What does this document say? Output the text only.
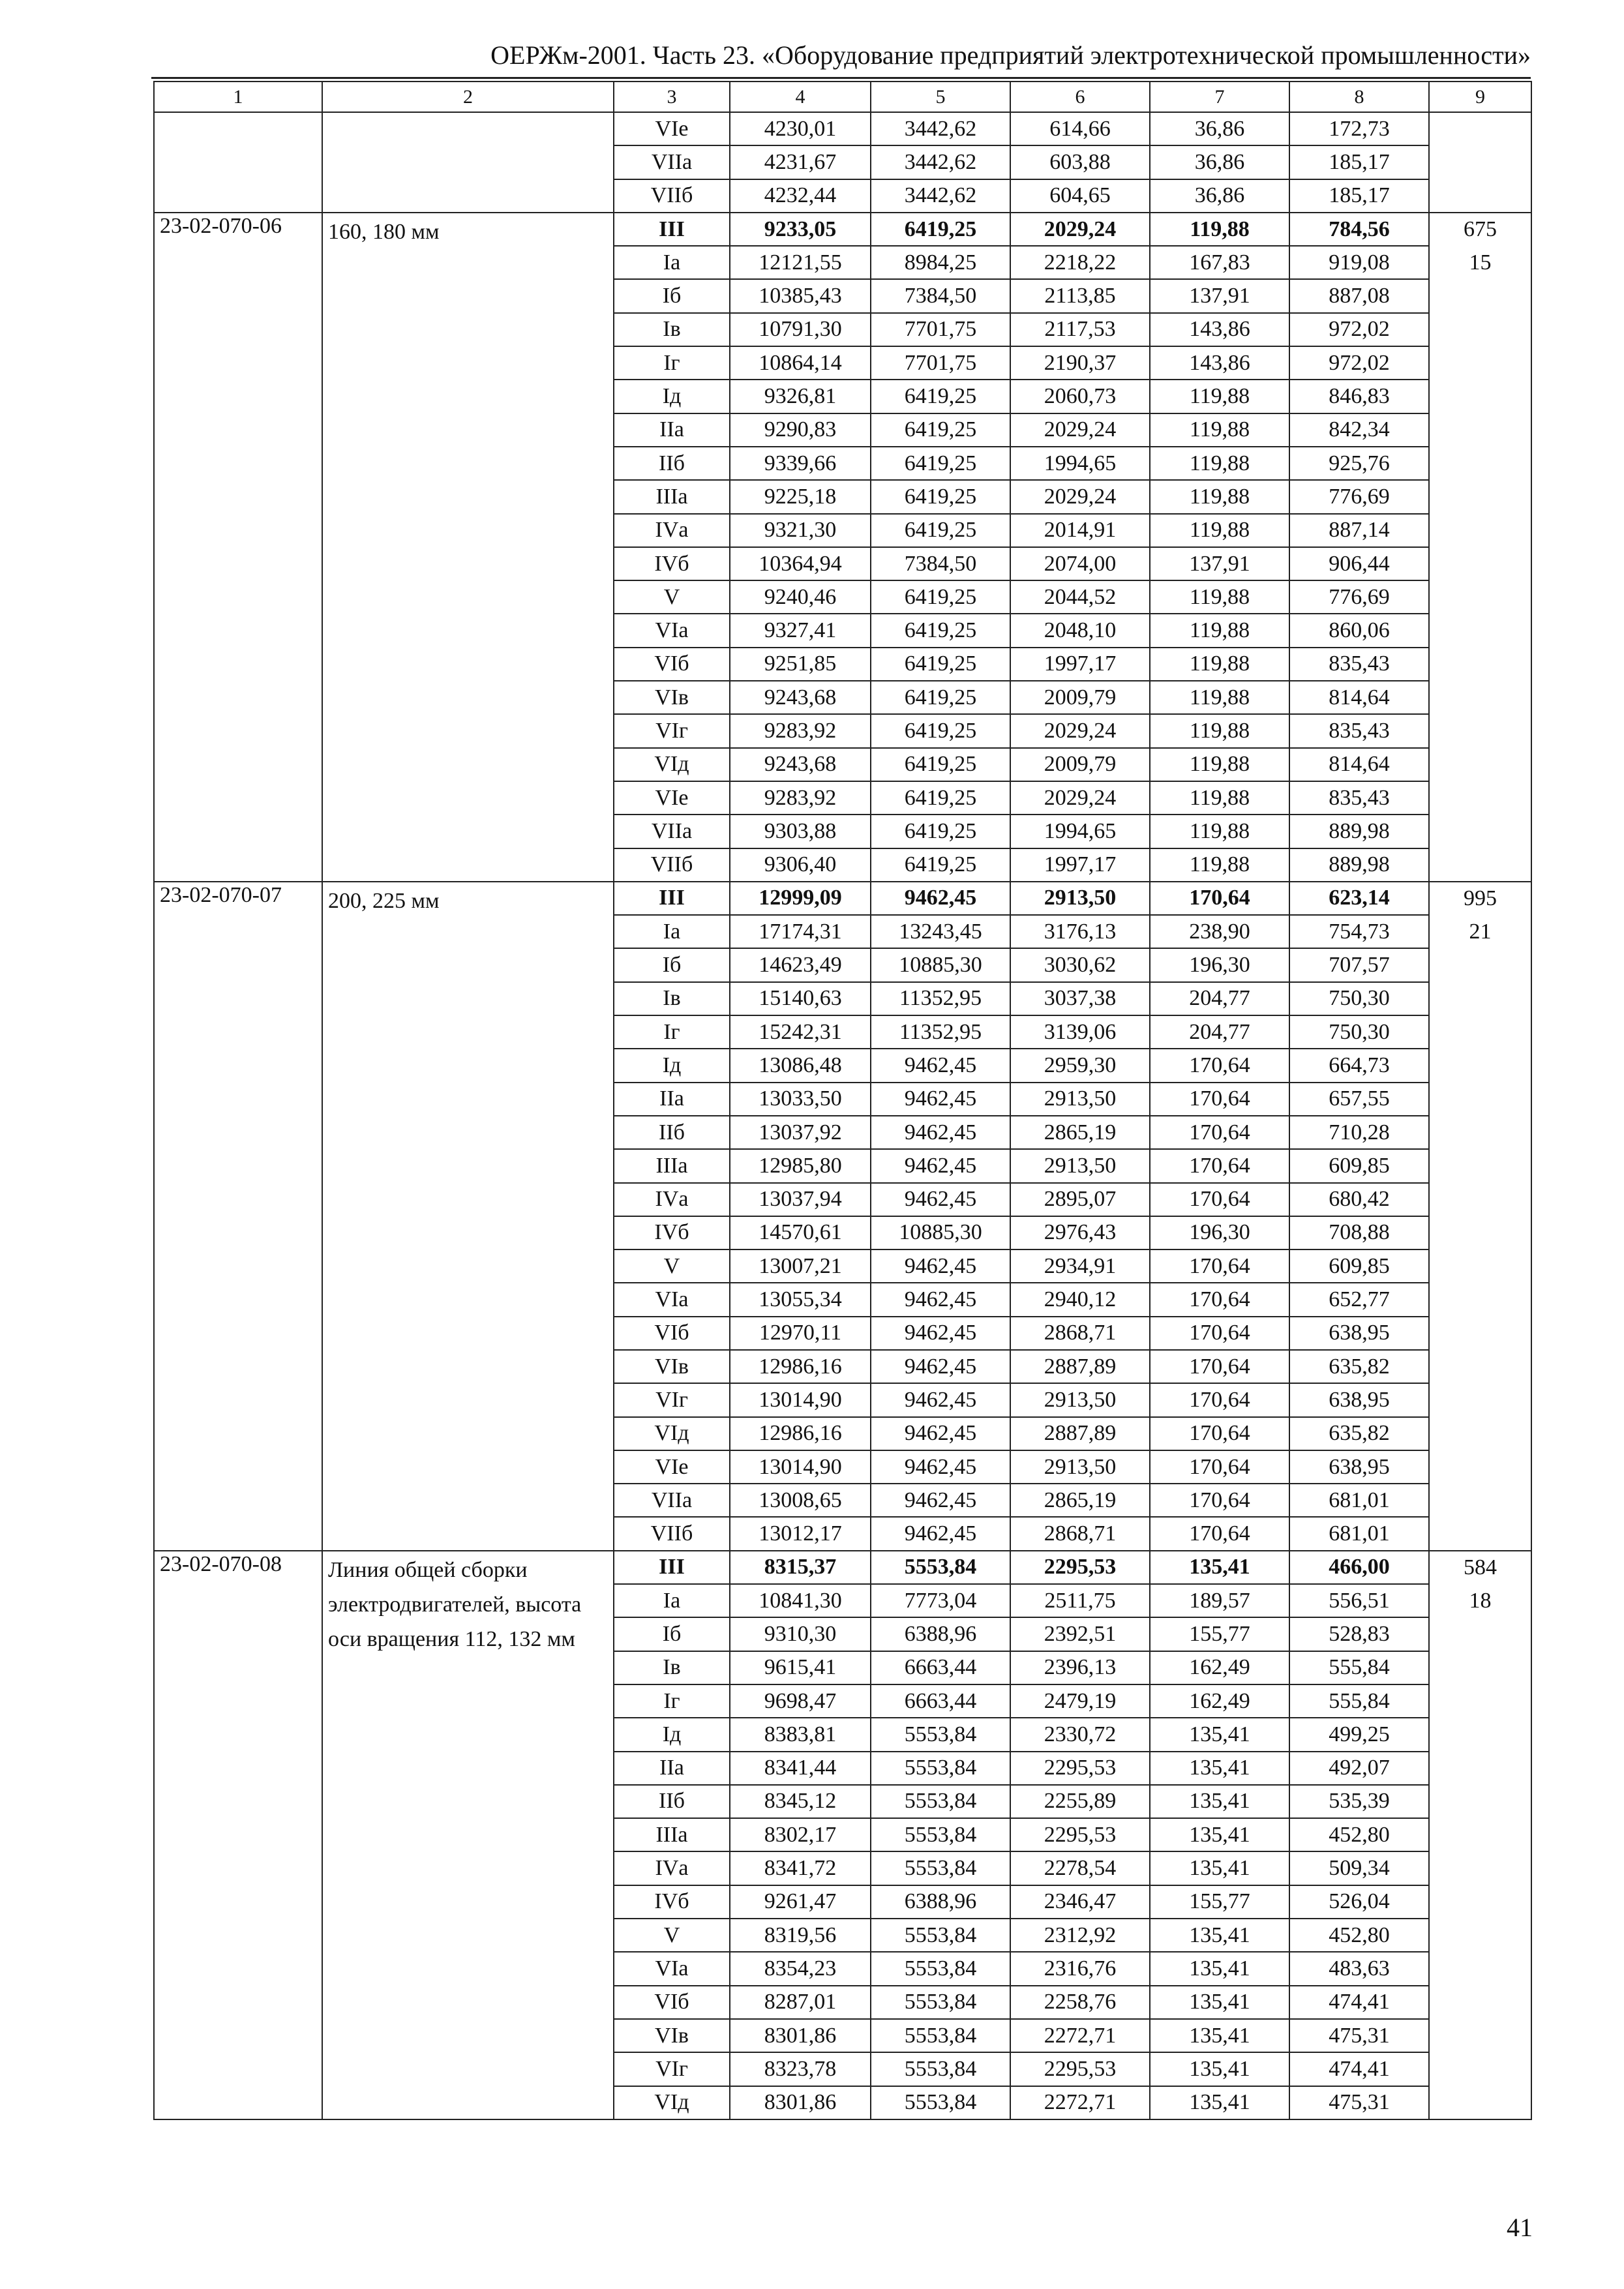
ОЕРЖм-2001. Часть 23. «Оборудование предприятий электротехнической промышленности»
1	2	3	4	5	6	7	8	9
		VIе	4230,01	3442,62	614,66	36,86	172,73	
		VIIа	4231,67	3442,62	603,88	36,86	185,17	
		VIIб	4232,44	3442,62	604,65	36,86	185,17	
23-02-070-06	160, 180 мм	III	9233,05	6419,25	2029,24	119,88	784,56	675
		Iа	12121,55	8984,25	2218,22	167,83	919,08	15
		Iб	10385,43	7384,50	2113,85	137,91	887,08	
		Iв	10791,30	7701,75	2117,53	143,86	972,02	
		Iг	10864,14	7701,75	2190,37	143,86	972,02	
		Iд	9326,81	6419,25	2060,73	119,88	846,83	
		IIа	9290,83	6419,25	2029,24	119,88	842,34	
		IIб	9339,66	6419,25	1994,65	119,88	925,76	
		IIIа	9225,18	6419,25	2029,24	119,88	776,69	
		IVа	9321,30	6419,25	2014,91	119,88	887,14	
		IVб	10364,94	7384,50	2074,00	137,91	906,44	
		V	9240,46	6419,25	2044,52	119,88	776,69	
		VIа	9327,41	6419,25	2048,10	119,88	860,06	
		VIб	9251,85	6419,25	1997,17	119,88	835,43	
		VIв	9243,68	6419,25	2009,79	119,88	814,64	
		VIг	9283,92	6419,25	2029,24	119,88	835,43	
		VIд	9243,68	6419,25	2009,79	119,88	814,64	
		VIе	9283,92	6419,25	2029,24	119,88	835,43	
		VIIа	9303,88	6419,25	1994,65	119,88	889,98	
		VIIб	9306,40	6419,25	1997,17	119,88	889,98	
23-02-070-07	200, 225 мм	III	12999,09	9462,45	2913,50	170,64	623,14	995
		Iа	17174,31	13243,45	3176,13	238,90	754,73	21
		Iб	14623,49	10885,30	3030,62	196,30	707,57	
		Iв	15140,63	11352,95	3037,38	204,77	750,30	
		Iг	15242,31	11352,95	3139,06	204,77	750,30	
		Iд	13086,48	9462,45	2959,30	170,64	664,73	
		IIа	13033,50	9462,45	2913,50	170,64	657,55	
		IIб	13037,92	9462,45	2865,19	170,64	710,28	
		IIIа	12985,80	9462,45	2913,50	170,64	609,85	
		IVа	13037,94	9462,45	2895,07	170,64	680,42	
		IVб	14570,61	10885,30	2976,43	196,30	708,88	
		V	13007,21	9462,45	2934,91	170,64	609,85	
		VIа	13055,34	9462,45	2940,12	170,64	652,77	
		VIб	12970,11	9462,45	2868,71	170,64	638,95	
		VIв	12986,16	9462,45	2887,89	170,64	635,82	
		VIг	13014,90	9462,45	2913,50	170,64	638,95	
		VIд	12986,16	9462,45	2887,89	170,64	635,82	
		VIе	13014,90	9462,45	2913,50	170,64	638,95	
		VIIа	13008,65	9462,45	2865,19	170,64	681,01	
		VIIб	13012,17	9462,45	2868,71	170,64	681,01	
23-02-070-08	Линия общей сборки электродвигателей, высота оси вращения 112, 132 мм	III	8315,37	5553,84	2295,53	135,41	466,00	584
		Iа	10841,30	7773,04	2511,75	189,57	556,51	18
		Iб	9310,30	6388,96	2392,51	155,77	528,83	
		Iв	9615,41	6663,44	2396,13	162,49	555,84	
		Iг	9698,47	6663,44	2479,19	162,49	555,84	
		Iд	8383,81	5553,84	2330,72	135,41	499,25	
		IIа	8341,44	5553,84	2295,53	135,41	492,07	
		IIб	8345,12	5553,84	2255,89	135,41	535,39	
		IIIа	8302,17	5553,84	2295,53	135,41	452,80	
		IVа	8341,72	5553,84	2278,54	135,41	509,34	
		IVб	9261,47	6388,96	2346,47	155,77	526,04	
		V	8319,56	5553,84	2312,92	135,41	452,80	
		VIа	8354,23	5553,84	2316,76	135,41	483,63	
		VIб	8287,01	5553,84	2258,76	135,41	474,41	
		VIв	8301,86	5553,84	2272,71	135,41	475,31	
		VIг	8323,78	5553,84	2295,53	135,41	474,41	
		VIд	8301,86	5553,84	2272,71	135,41	475,31	
41
